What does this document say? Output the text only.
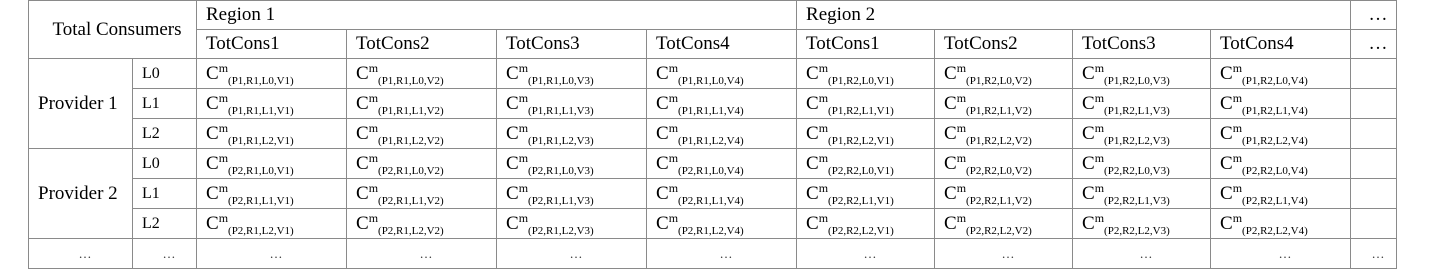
Total Consumers		Region 1				Region 2				…
		TotCons1	TotCons2	TotCons3	TotCons4	TotCons1	TotCons2	TotCons3	TotCons4	…
Provider 1	L0	$C^m_{(P1,R1,L0,V1)}$	$C^m_{(P1,R1,L0,V2)}$	$C^m_{(P1,R1,L0,V3)}$	$C^m_{(P1,R1,L0,V4)}$	$C^m_{(P1,R2,L0,V1)}$	$C^m_{(P1,R2,L0,V2)}$	$C^m_{(P1,R2,L0,V3)}$	$C^m_{(P1,R2,L0,V4)}$	
	L1	$C^m_{(P1,R1,L1,V1)}$	$C^m_{(P1,R1,L1,V2)}$	$C^m_{(P1,R1,L1,V3)}$	$C^m_{(P1,R1,L1,V4)}$	$C^m_{(P1,R2,L1,V1)}$	$C^m_{(P1,R2,L1,V2)}$	$C^m_{(P1,R2,L1,V3)}$	$C^m_{(P1,R2,L1,V4)}$	
	L2	$C^m_{(P1,R1,L2,V1)}$	$C^m_{(P1,R1,L2,V2)}$	$C^m_{(P1,R1,L2,V3)}$	$C^m_{(P1,R1,L2,V4)}$	$C^m_{(P1,R2,L2,V1)}$	$C^m_{(P1,R2,L2,V2)}$	$C^m_{(P1,R2,L2,V3)}$	$C^m_{(P1,R2,L2,V4)}$	
Provider 2	L0	$C^m_{(P2,R1,L0,V1)}$	$C^m_{(P2,R1,L0,V2)}$	$C^m_{(P2,R1,L0,V3)}$	$C^m_{(P2,R1,L0,V4)}$	$C^m_{(P2,R2,L0,V1)}$	$C^m_{(P2,R2,L0,V2)}$	$C^m_{(P2,R2,L0,V3)}$	$C^m_{(P2,R2,L0,V4)}$	
	L1	$C^m_{(P2,R1,L1,V1)}$	$C^m_{(P2,R1,L1,V2)}$	$C^m_{(P2,R1,L1,V3)}$	$C^m_{(P2,R1,L1,V4)}$	$C^m_{(P2,R2,L1,V1)}$	$C^m_{(P2,R2,L1,V2)}$	$C^m_{(P2,R2,L1,V3)}$	$C^m_{(P2,R2,L1,V4)}$	
	L2	$C^m_{(P2,R1,L2,V1)}$	$C^m_{(P2,R1,L2,V2)}$	$C^m_{(P2,R1,L2,V3)}$	$C^m_{(P2,R1,L2,V4)}$	$C^m_{(P2,R2,L2,V1)}$	$C^m_{(P2,R2,L2,V2)}$	$C^m_{(P2,R2,L2,V3)}$	$C^m_{(P2,R2,L2,V4)}$	
…	…	…	…	…	…	…	…	…	…	…
